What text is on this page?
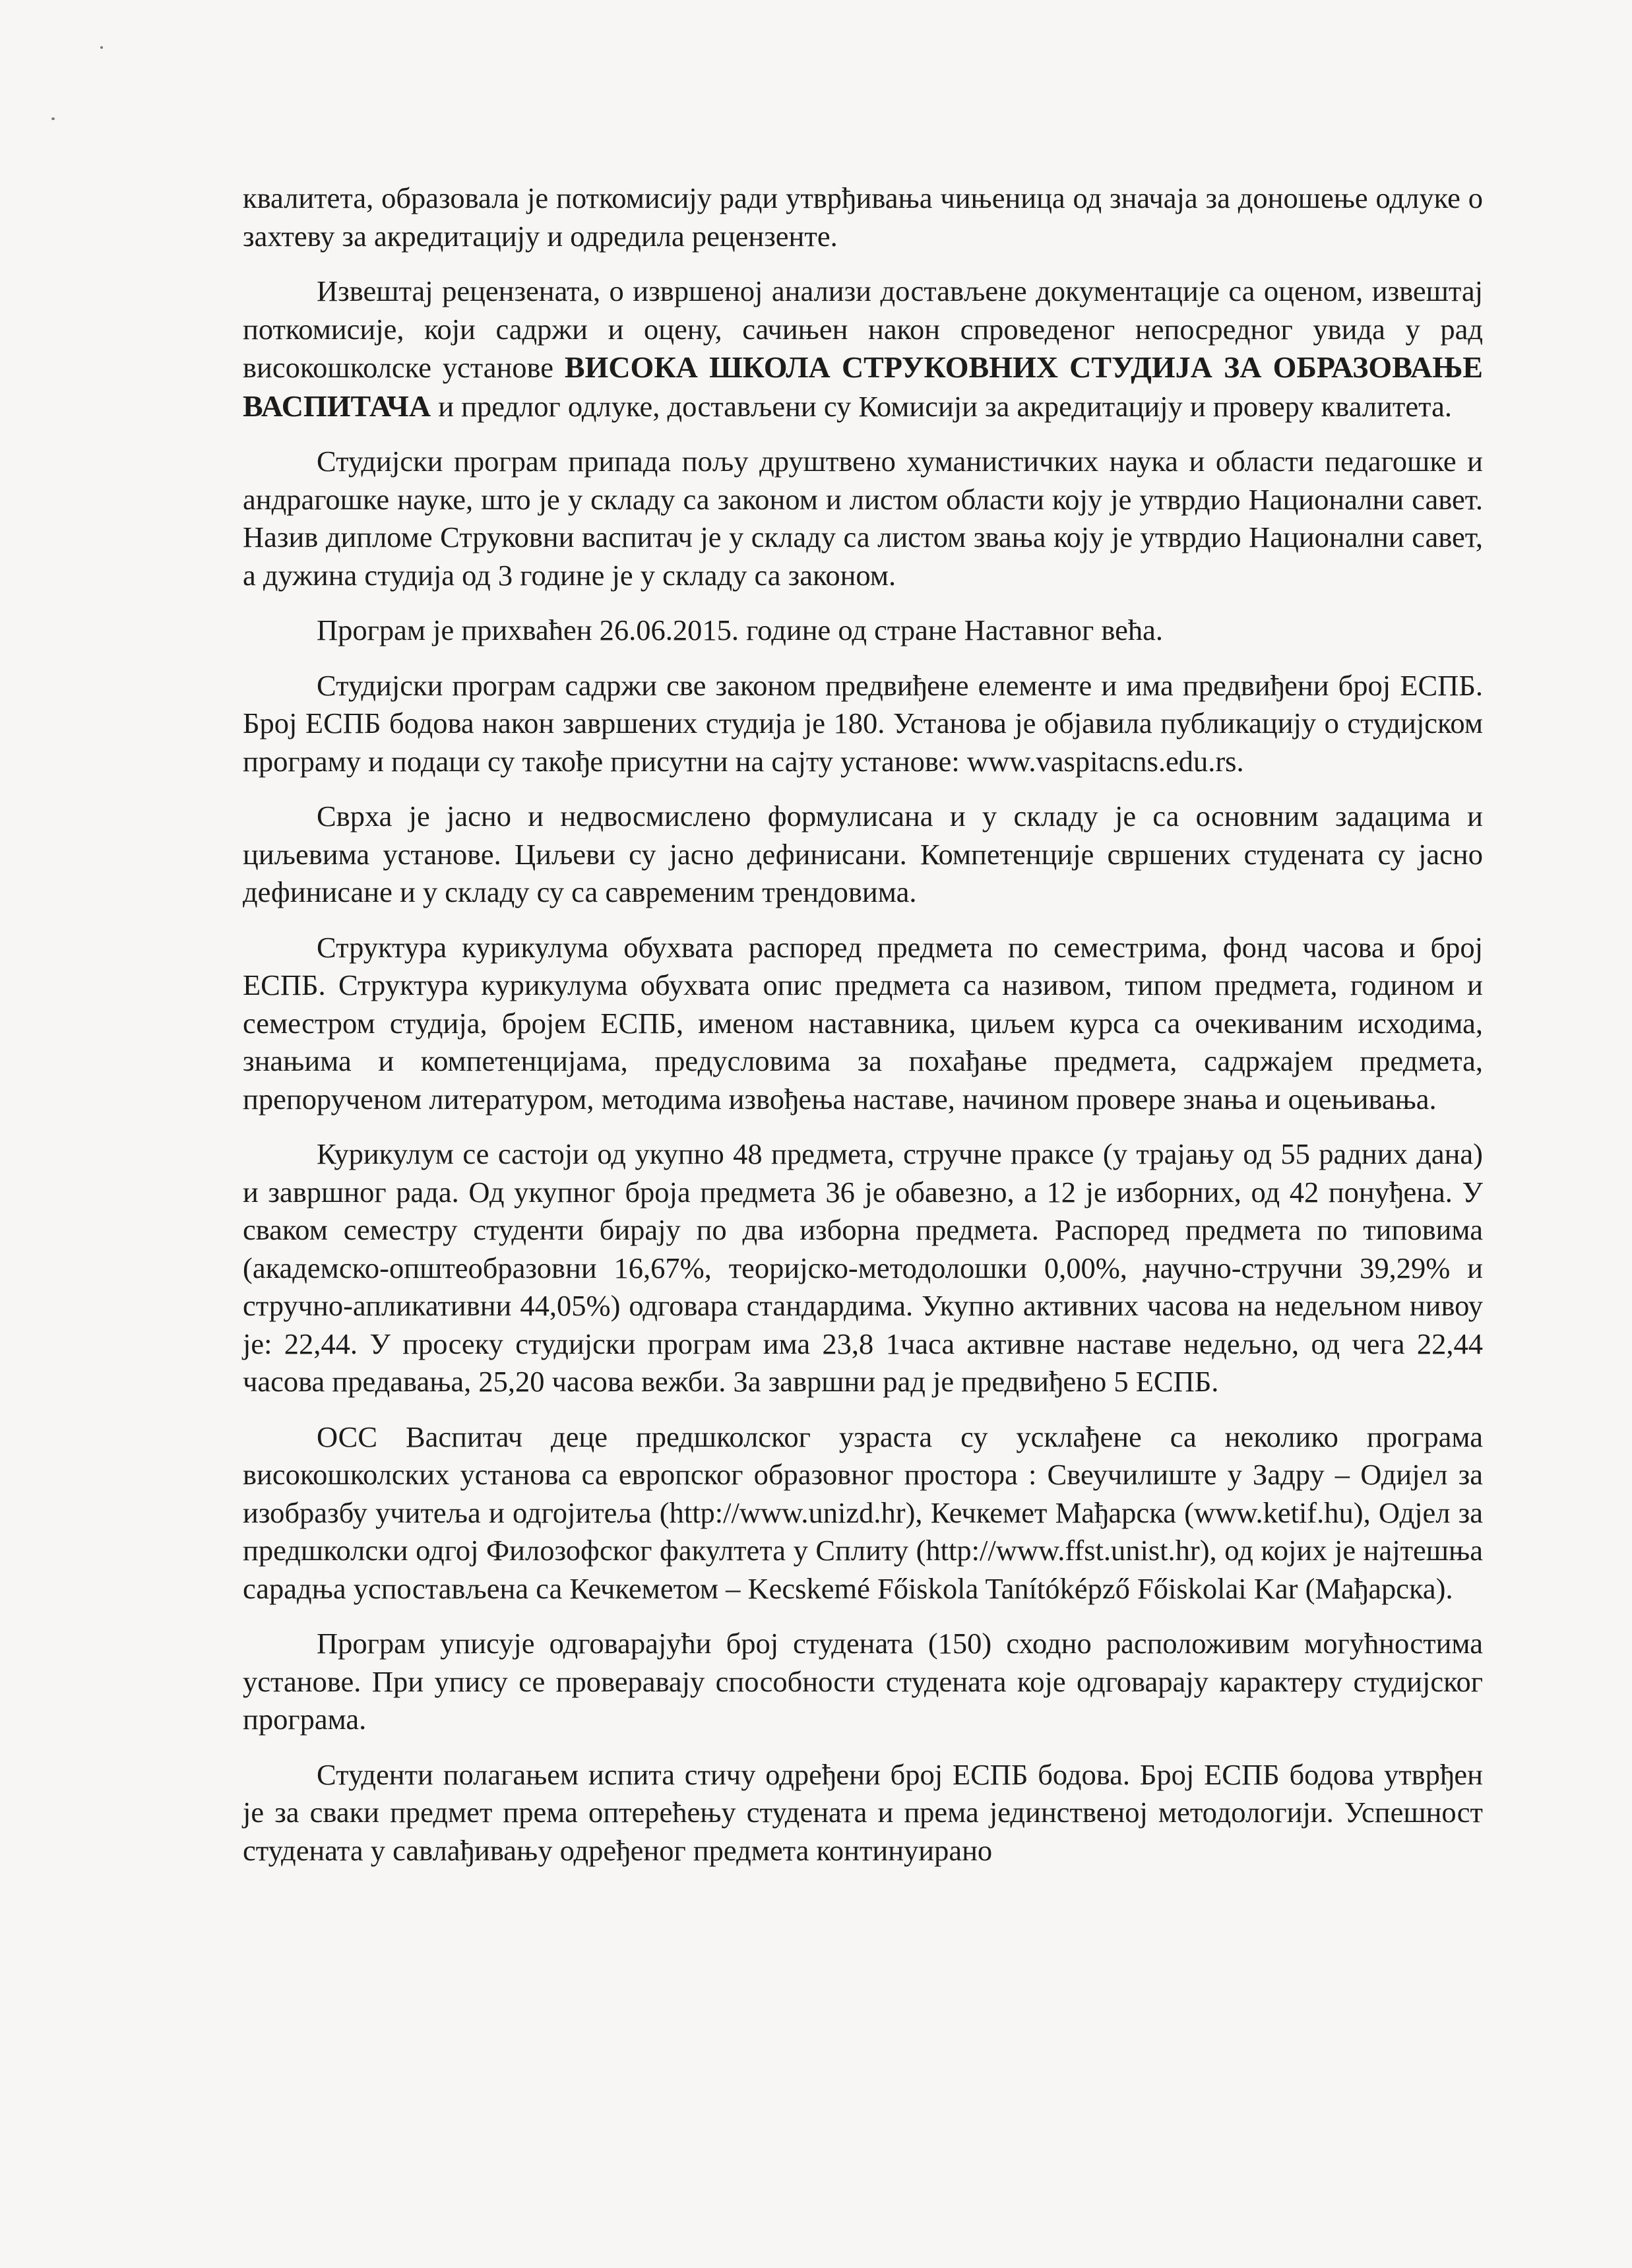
квалитета, образовала је поткомисију ради утврђивања чињеница од значаја за доношење одлуке о захтеву за акредитацију и одредила рецензенте.

Извештај рецензената, о извршеној анализи достављене документације са оценом, извештај поткомисије, који садржи и оцену, сачињен након спроведеног непосредног увида у рад високошколске установе ВИСОКА ШКОЛА СТРУКОВНИХ СТУДИЈА ЗА ОБРАЗОВАЊЕ ВАСПИТАЧА и предлог одлуке, достављени су Комисији за акредитацију и проверу квалитета.

Студијски програм припада пољу друштвено хуманистичких наука и области педагошке и андрагошке науке, што је у складу са законом и листом области коју је утврдио Национални савет. Назив дипломе Струковни васпитач је у складу са листом звања коју је утврдио Национални савет, а дужина студија од 3 године је у складу са законом.

Програм је прихваћен 26.06.2015. године од стране Наставног већа.

Студијски програм садржи све законом предвиђене елементе и има предвиђени број ЕСПБ. Број ЕСПБ бодова након завршених студија је 180. Установа је објавила публикацију о студијском програму и подаци су такође присутни на сајту установе: www.vaspitacns.edu.rs.

Сврха је јасно и недвосмислено формулисана и у складу је са основним задацима и циљевима установе. Циљеви су јасно дефинисани. Компетенције свршених студената су јасно дефинисане и у складу су са савременим трендовима.

Структура курикулума обухвата распоред предмета по семестрима, фонд часова и број ЕСПБ. Структура курикулума обухвата опис предмета са називом, типом предмета, годином и семестром студија, бројем ЕСПБ, именом наставника, циљем курса са очекиваним исходима, знањима и компетенцијама, предусловима за похађање предмета, садржајем предмета, препорученом литературом, методима извођења наставе, начином провере знања и оцењивања.

Курикулум се састоји од укупно 48 предмета, стручне праксе (у трајању од 55 радних дана) и завршног рада. Од укупног броја предмета 36 је обавезно, а 12 је изборних, од 42 понуђена. У сваком семестру студенти бирају по два изборна предмета. Распоред предмета по типовима (академско-општеобразовни 16,67%, теоријско-методолошки 0,00%, научно-стручни 39,29% и стручно-апликативни 44,05%) одговара стандардима. Укупно активних часова на недељном нивоу је: 22,44. У просеку студијски програм има 23,8 1часа активне наставе недељно, од чега 22,44 часова предавања, 25,20 часова вежби. За завршни рад је предвиђено 5 ЕСПБ.

ОСС Васпитач деце предшколског узраста су усклађене са неколико програма високошколских установа са европског образовног простора : Свеучилиште у Задру – Одијел за изобразбу учитеља и одгојитеља (http://www.unizd.hr), Кечкемет Мађарска (www.ketif.hu), Одјел за предшколски одгој Филозофског факултета у Сплиту (http://www.ffst.unist.hr), од којих је најтешња сарадња успостављена са Кечкеметом – Kecskemé Főiskola Tanítóképző Főiskolai Kar (Мађарска).

Програм уписује одговарајући број студената (150) сходно расположивим могућностима установе. При упису се проверавају способности студената које одговарају карактеру студијског програма.

Студенти полагањем испита стичу одређени број ЕСПБ бодова. Број ЕСПБ бодова утврђен је за сваки предмет према оптерећењу студената и према јединственој методологији. Успешност студената у савлађивању одређеног предмета континуирано
